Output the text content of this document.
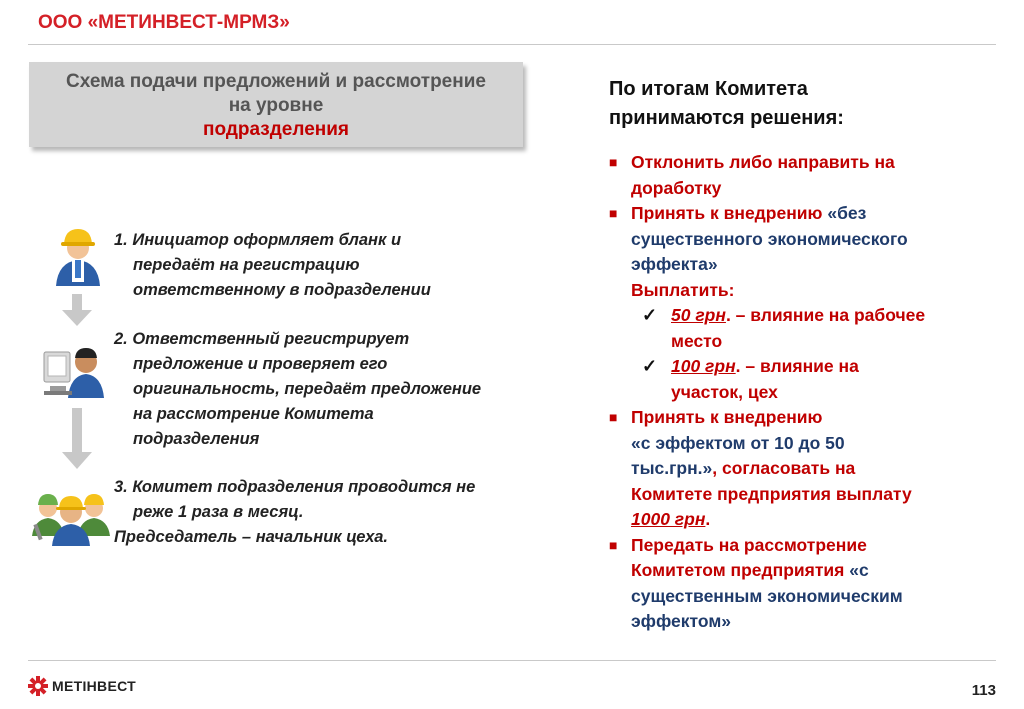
ООО «МЕТИНВЕСТ-МРМЗ»
Схема подачи предложений и рассмотрение
на уровне
подразделения
1. Инициатор оформляет бланк и
передаёт на регистрацию
ответственному в подразделении
2. Ответственный регистрирует
предложение и проверяет его
оригинальность, передаёт предложение
на рассмотрение Комитета
подразделения
3. Комитет подразделения проводится не
реже 1 раза в месяц.
Председатель – начальник цеха.
По итогам Комитета
принимаются решения:
■ Отклонить либо направить на
доработку
■ Принять к внедрению «без
существенного экономического
эффекта»
Выплатить:
✓ 50 грн. – влияние на рабочее
место
✓ 100 грн. – влияние на
участок, цех
■ Принять к внедрению
«с эффектом от 10 до 50
тыс.грн.», согласовать на
Комитете предприятия выплату
1000 грн.
■ Передать на рассмотрение
Комитетом предприятия «с
существенным экономическим
эффектом»
МЕТІНВЕСТ	113
